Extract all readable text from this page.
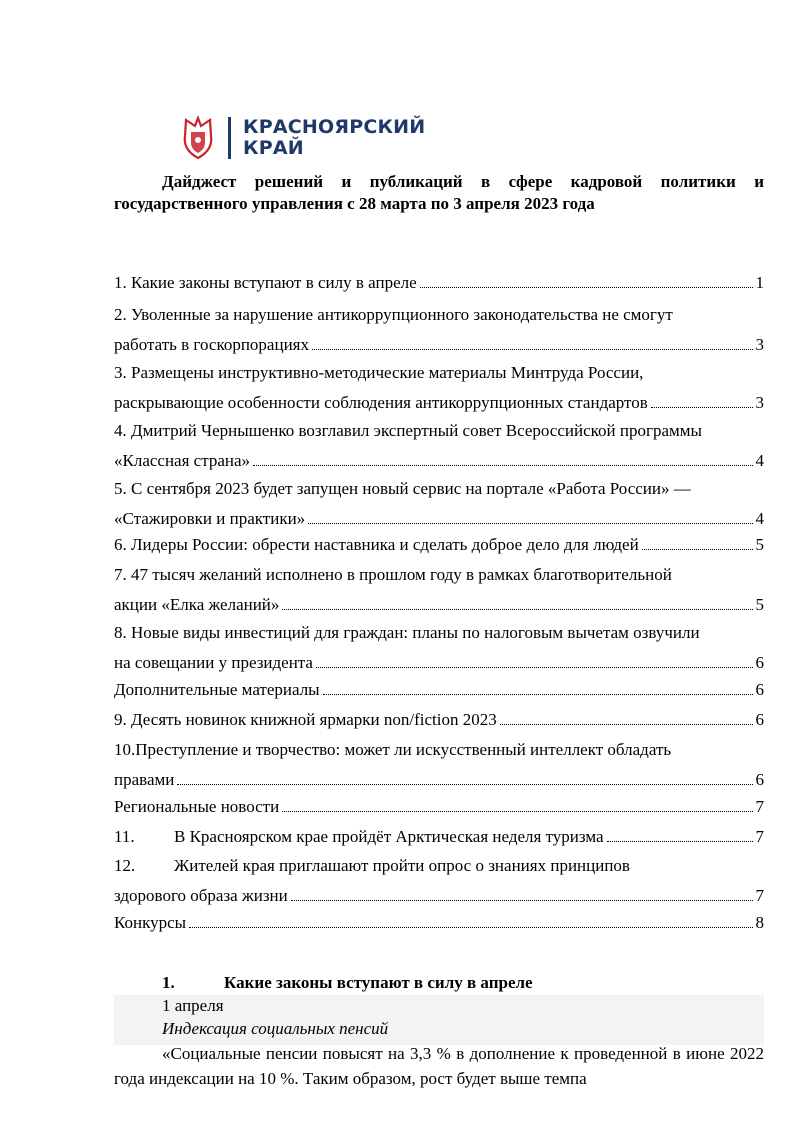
КРАСНОЯРСКИЙ
КРАЙ
Дайджест решений и публикаций в сфере кадровой политики и государственного управления с 28 марта по 3 апреля 2023 года
1. Какие законы вступают в силу в апреле	1
2. Уволенные за нарушение антикоррупционного законодательства не смогут
работать в госкорпорациях	3
3. Размещены инструктивно-методические материалы Минтруда России,
раскрывающие особенности соблюдения антикоррупционных стандартов	3
4. Дмитрий Чернышенко возглавил экспертный совет Всероссийской программы
«Классная страна»	4
5. С сентября 2023 будет запущен новый сервис на портале «Работа России» —
«Стажировки и практики»	4
6. Лидеры России: обрести наставника и сделать доброе дело для людей	5
7. 47 тысяч желаний исполнено в прошлом году в рамках благотворительной
акции «Елка желаний»	5
8. Новые виды инвестиций для граждан: планы по налоговым вычетам озвучили
на совещании у президента	6
Дополнительные материалы	6
9. Десять новинок книжной ярмарки non/fiction 2023	6
10.Преступление и творчество: может ли искусственный интеллект обладать
правами	6
Региональные новости	7
11.	В Красноярском крае пройдёт Арктическая неделя туризма	7
12.	Жителей края приглашают пройти опрос о знаниях принципов
здорового образа жизни	7
Конкурсы	8
1.	Какие законы вступают в силу в апреле
1 апреля
Индексация социальных пенсий
«Социальные пенсии повысят на 3,3 % в дополнение к проведенной в июне 2022 года индексации на 10 %. Таким образом, рост будет выше темпа
